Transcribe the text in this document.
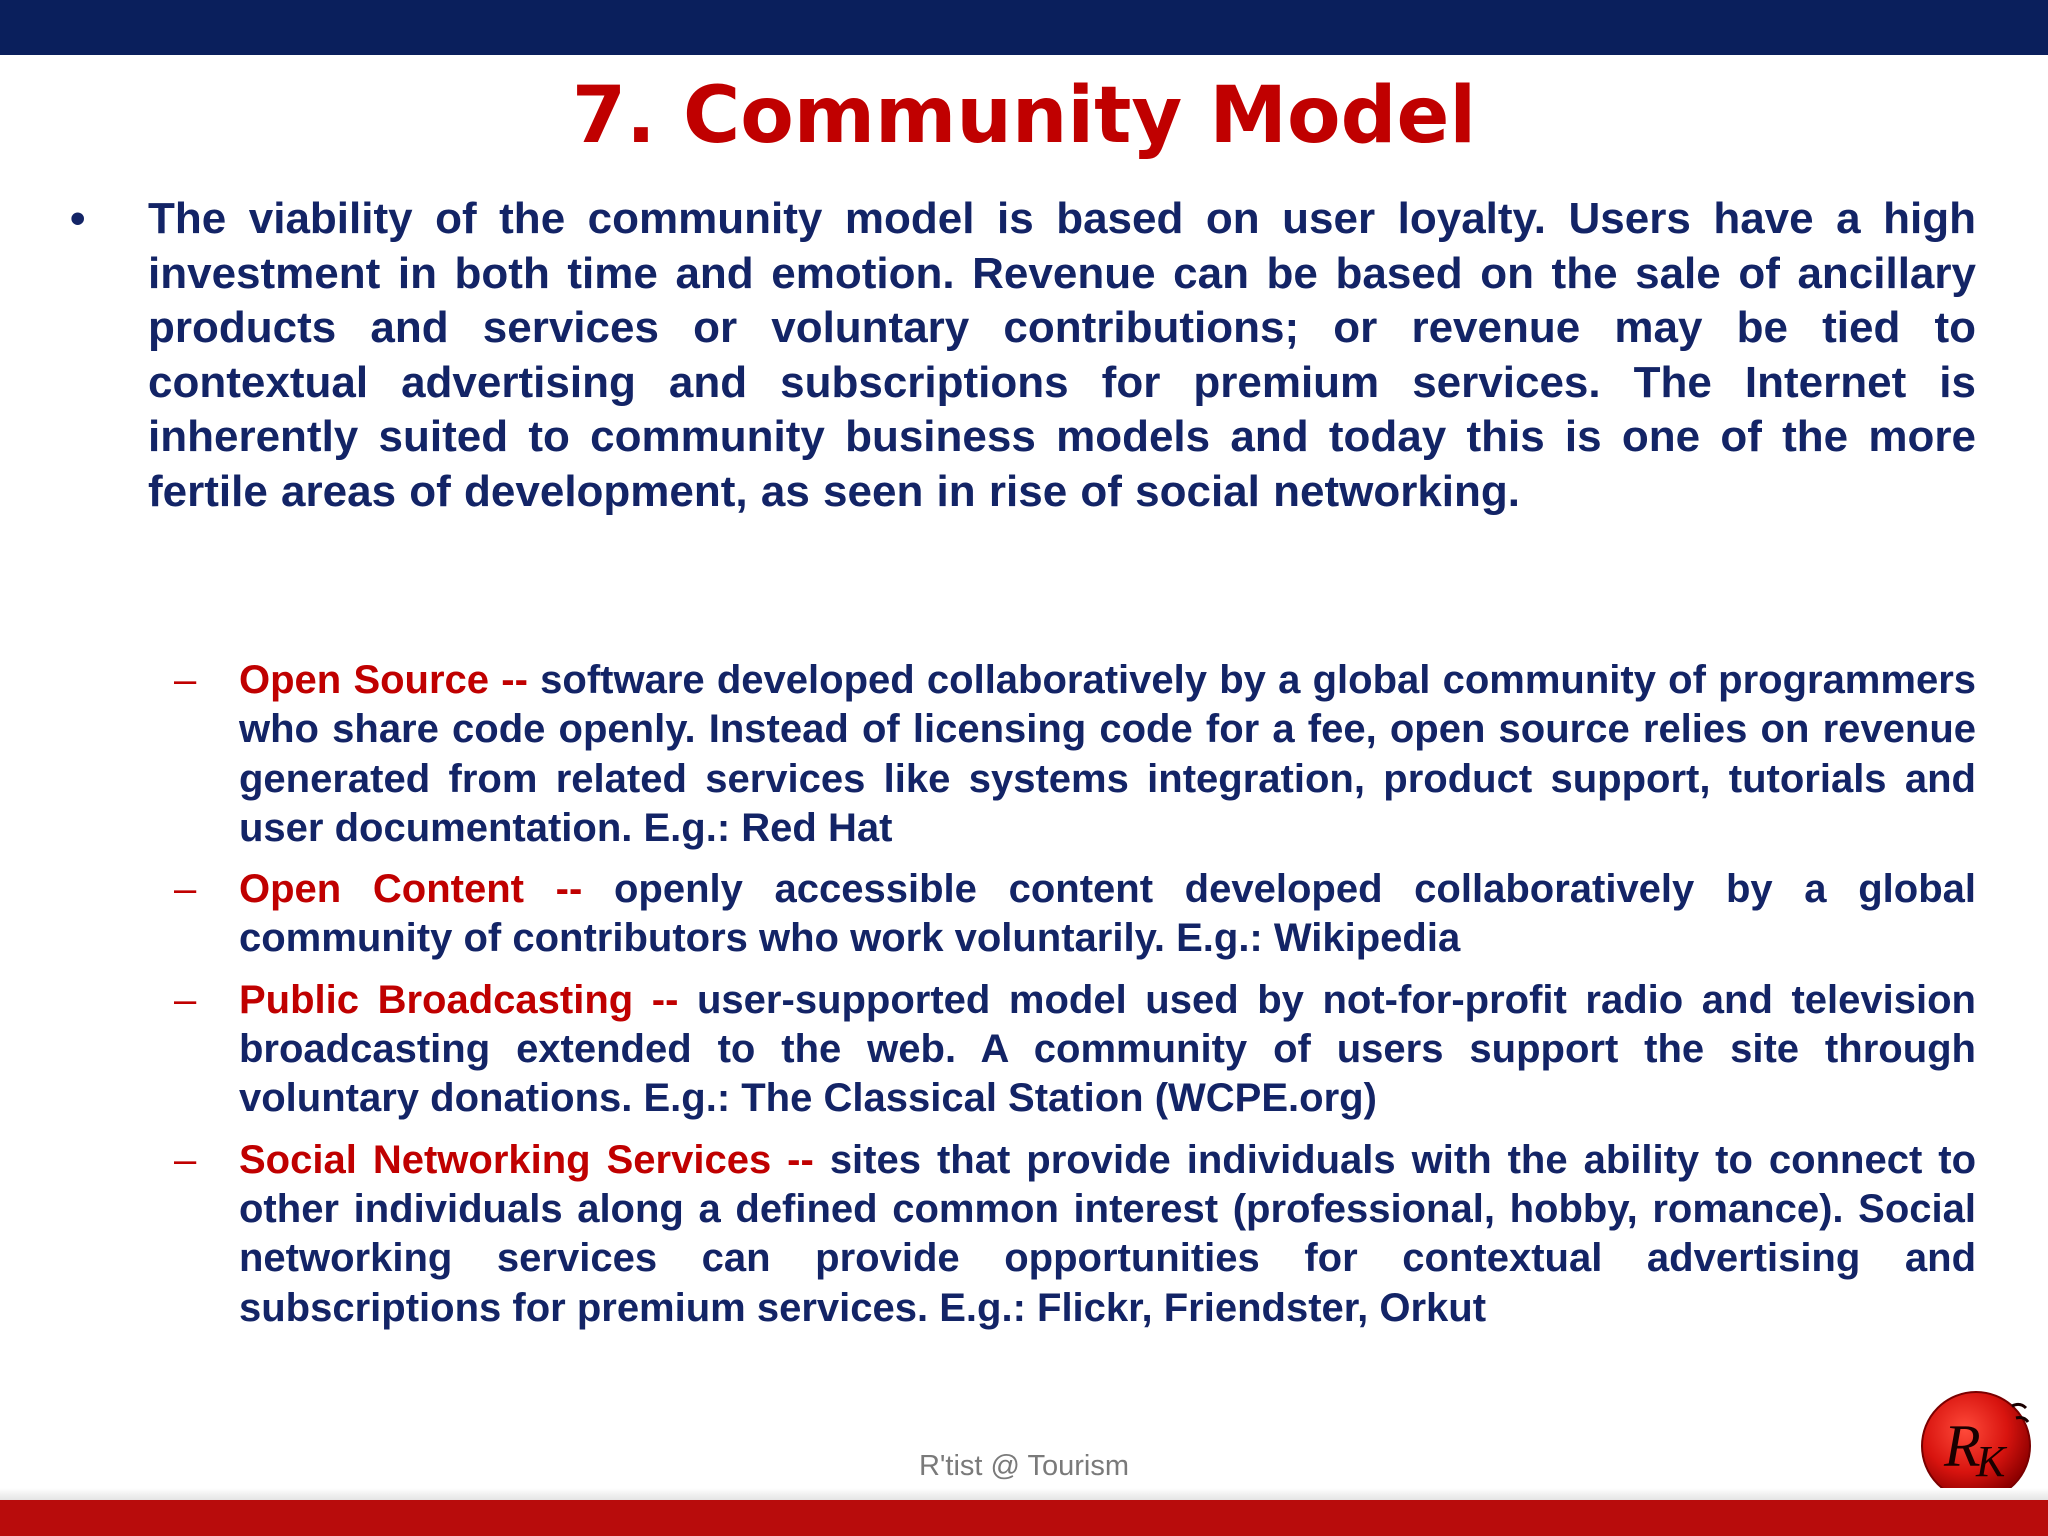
7. Community Model
• The viability of the community model is based on user loyalty. Users have a high investment in both time and emotion. Revenue can be based on the sale of ancillary products and services or voluntary contributions; or revenue may be tied to contextual advertising and subscriptions for premium services. The Internet is inherently suited to community business models and today this is one of the more fertile areas of development, as seen in rise of social networking.
– Open Source -- software developed collaboratively by a global community of programmers who share code openly. Instead of licensing code for a fee, open source relies on revenue generated from related services like systems integration, product support, tutorials and user documentation. E.g.: Red Hat
– Open Content -- openly accessible content developed collaboratively by a global community of contributors who work voluntarily. E.g.: Wikipedia
– Public Broadcasting -- user-supported model used by not-for-profit radio and television broadcasting extended to the web. A community of users support the site through voluntary donations. E.g.: The Classical Station (WCPE.org)
– Social Networking Services -- sites that provide individuals with the ability to connect to other individuals along a defined common interest (professional, hobby, romance). Social networking services can provide opportunities for contextual advertising and subscriptions for premium services. E.g.: Flickr, Friendster, Orkut
R'tist @ Tourism	R
K
